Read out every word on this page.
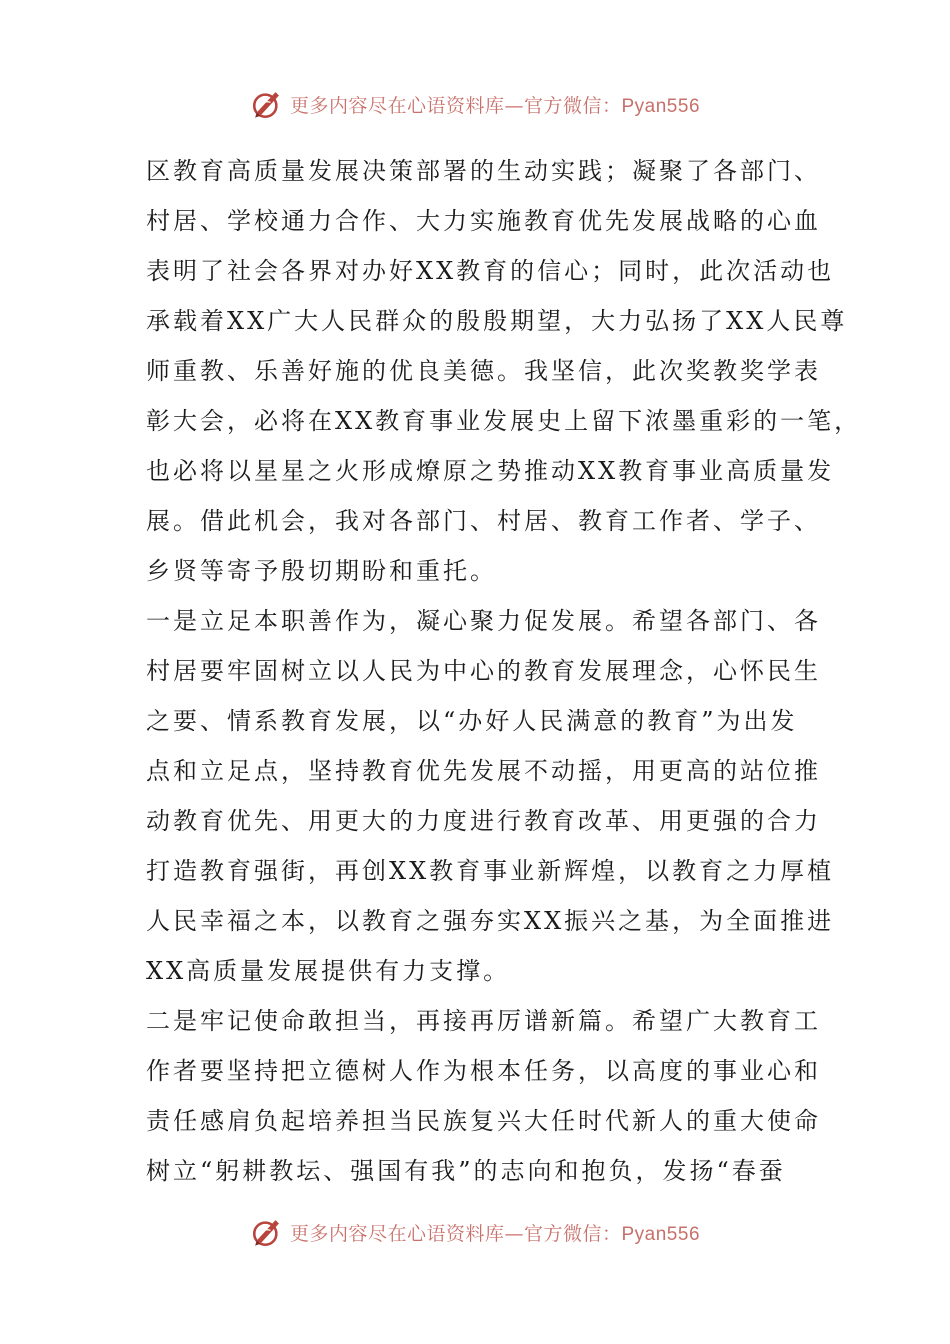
更多内容尽在心语资料库—官方微信：Pyan556
区教育高质量发展决策部署的生动实践；凝聚了各部门、
村居、学校通力合作、大力实施教育优先发展战略的心血
表明了社会各界对办好XX教育的信心；同时，此次活动也
承载着XX广大人民群众的殷殷期望，大力弘扬了XX人民尊
师重教、乐善好施的优良美德。我坚信，此次奖教奖学表
彰大会，必将在XX教育事业发展史上留下浓墨重彩的一笔，
也必将以星星之火形成燎原之势推动XX教育事业高质量发
展。借此机会，我对各部门、村居、教育工作者、学子、
乡贤等寄予殷切期盼和重托。
一是立足本职善作为，凝心聚力促发展。希望各部门、各
村居要牢固树立以人民为中心的教育发展理念，心怀民生
之要、情系教育发展，以“办好人民满意的教育”为出发
点和立足点，坚持教育优先发展不动摇，用更高的站位推
动教育优先、用更大的力度进行教育改革、用更强的合力
打造教育强街，再创XX教育事业新辉煌，以教育之力厚植
人民幸福之本，以教育之强夯实XX振兴之基，为全面推进
XX高质量发展提供有力支撑。
二是牢记使命敢担当，再接再厉谱新篇。希望广大教育工
作者要坚持把立德树人作为根本任务，以高度的事业心和
责任感肩负起培养担当民族复兴大任时代新人的重大使命
树立“躬耕教坛、强国有我”的志向和抱负，发扬“春蚕
更多内容尽在心语资料库—官方微信：Pyan556
